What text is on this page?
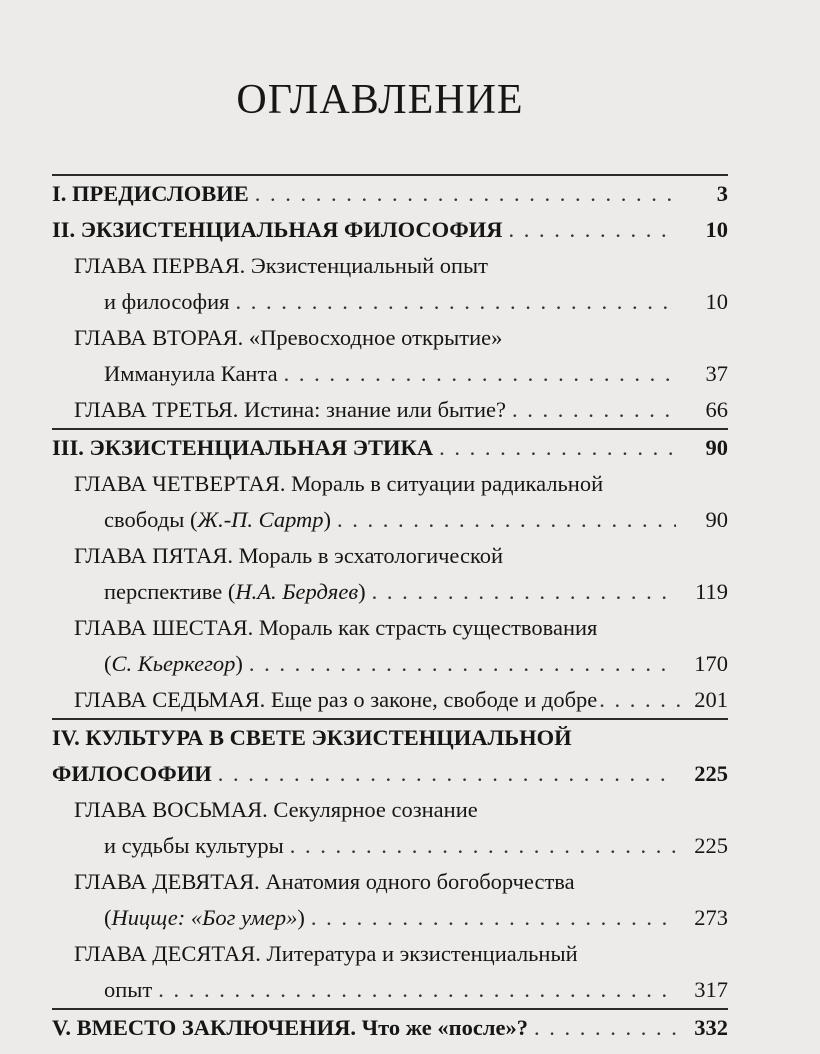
ОГЛАВЛЕНИЕ
I. ПРЕДИСЛОВИЕ . . .	3
II. ЭКЗИСТЕНЦИАЛЬНАЯ ФИЛОСОФИЯ . . .	10
ГЛАВА ПЕРВАЯ. Экзистенциальный опыт
и философия . . .	10
ГЛАВА ВТОРАЯ. «Превосходное открытие»
Иммануила Канта . . .	37
ГЛАВА ТРЕТЬЯ. Истина: знание или бытие? . . .	66
III. ЭКЗИСТЕНЦИАЛЬНАЯ ЭТИКА . . .	90
ГЛАВА ЧЕТВЕРТАЯ. Мораль в ситуации радикальной
свободы (Ж.-П. Сартр) . . .	90
ГЛАВА ПЯТАЯ. Мораль в эсхатологической
перспективе (Н.А. Бердяев) . . .	119
ГЛАВА ШЕСТАЯ. Мораль как страсть существования
(С. Кьеркегор) . . .	170
ГЛАВА СЕДЬМАЯ. Еще раз о законе, свободе и добре . . .	201
IV. КУЛЬТУРА В СВЕТЕ ЭКЗИСТЕНЦИАЛЬНОЙ
ФИЛОСОФИИ . . .	225
ГЛАВА ВОСЬМАЯ. Секулярное сознание
и судьбы культуры . . .	225
ГЛАВА ДЕВЯТАЯ. Анатомия одного богоборчества
(Ницще: «Бог умер») . . .	273
ГЛАВА ДЕСЯТАЯ. Литература и экзистенциальный
опыт . . .	317
V. ВМЕСТО ЗАКЛЮЧЕНИЯ. Что же «после»? . . .	332
